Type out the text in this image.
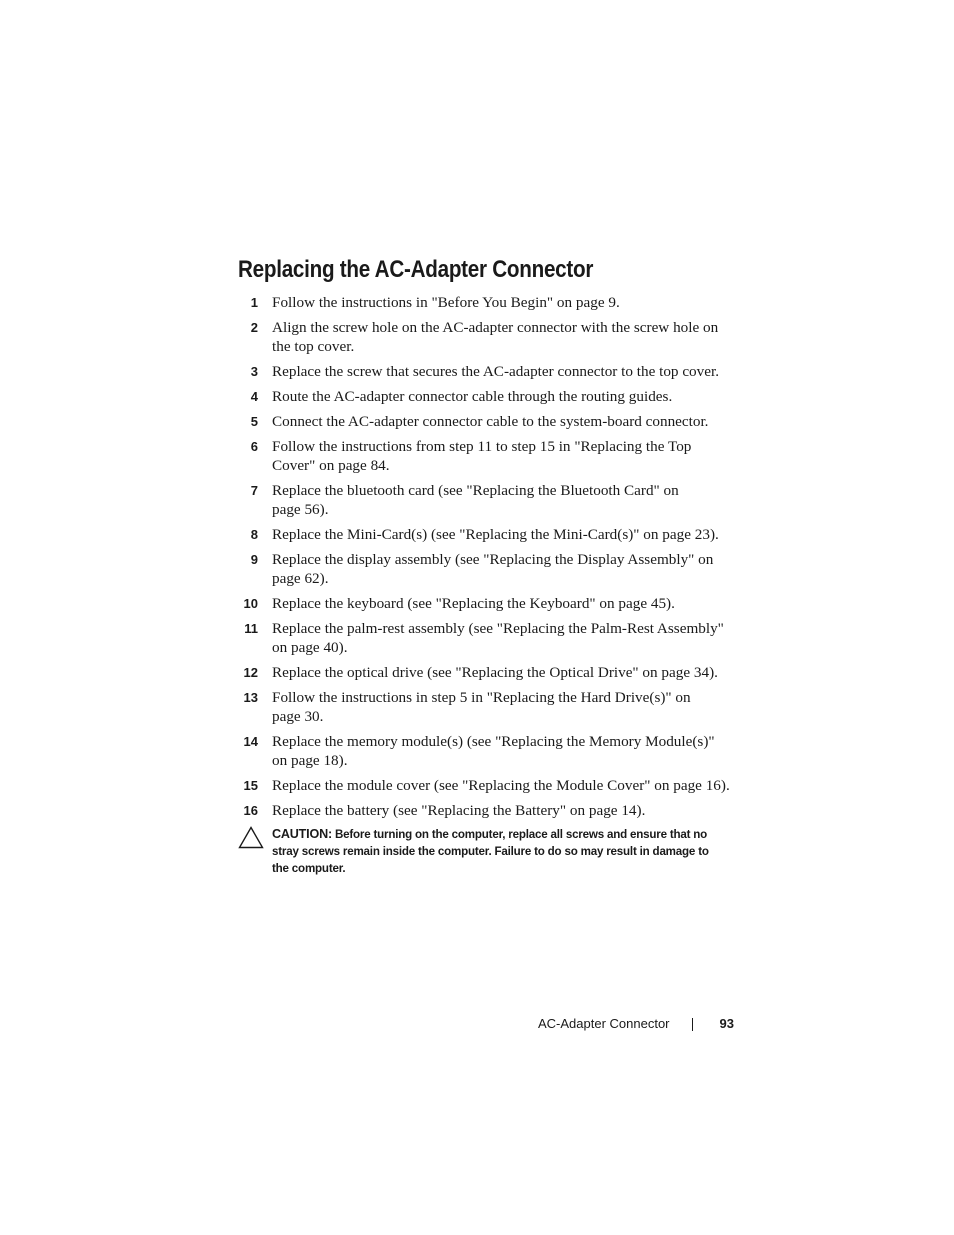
Replacing the AC-Adapter Connector
1 Follow the instructions in "Before You Begin" on page 9.
2 Align the screw hole on the AC-adapter connector with the screw hole on
the top cover.
3 Replace the screw that secures the AC-adapter connector to the top cover.
4 Route the AC-adapter connector cable through the routing guides.
5 Connect the AC-adapter connector cable to the system-board connector.
6 Follow the instructions from step 11 to step 15 in "Replacing the Top
Cover" on page 84.
7 Replace the bluetooth card (see "Replacing the Bluetooth Card" on
page 56).
8 Replace the Mini-Card(s) (see "Replacing the Mini-Card(s)" on page 23).
9 Replace the display assembly (see "Replacing the Display Assembly" on
page 62).
10 Replace the keyboard (see "Replacing the Keyboard" on page 45).
11 Replace the palm-rest assembly (see "Replacing the Palm-Rest Assembly"
on page 40).
12 Replace the optical drive (see "Replacing the Optical Drive" on page 34).
13 Follow the instructions in step 5 in "Replacing the Hard Drive(s)" on
page 30.
14 Replace the memory module(s) (see "Replacing the Memory Module(s)"
on page 18).
15 Replace the module cover (see "Replacing the Module Cover" on page 16).
16 Replace the battery (see "Replacing the Battery" on page 14).
CAUTION: Before turning on the computer, replace all screws and ensure that no
stray screws remain inside the computer. Failure to do so may result in damage to
the computer.
AC-Adapter Connector	93
